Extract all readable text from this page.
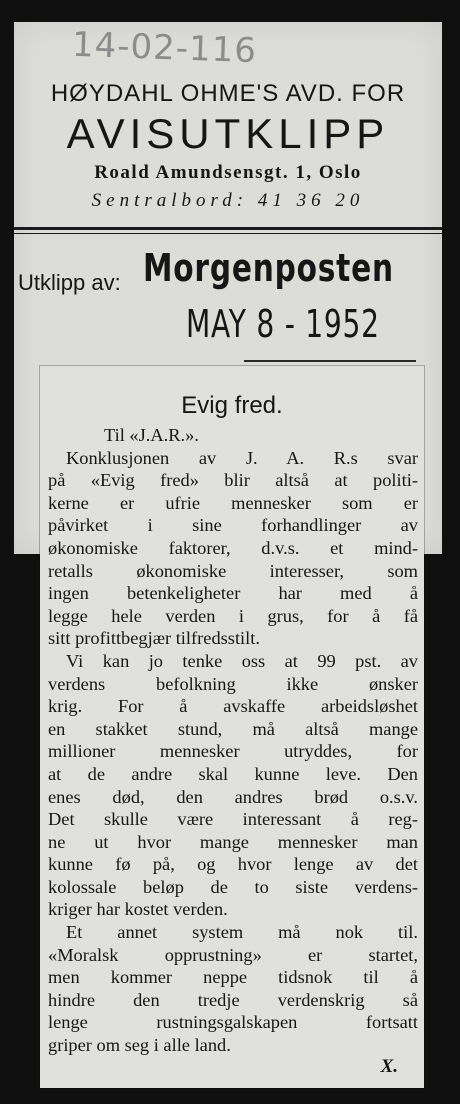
14-02-116
HØYDAHL OHME'S AVD. FOR
AVISUTKLIPP
Roald Amundsensgt. 1, Oslo
Sentralbord: 41 36 20
Utklipp av: Morgenposten
MAY 8 - 1952
Evig fred.
Til «J.A.R.».
Konklusjonen av J. A. R.s svar
på «Evig fred» blir altså at politi-
kerne er ufrie mennesker som er
påvirket i sine forhandlinger av
økonomiske faktorer, d.v.s. et mind-
retalls økonomiske interesser, som
ingen betenkeligheter har med å
legge hele verden i grus, for å få
sitt profittbegjær tilfredsstilt.
Vi kan jo tenke oss at 99 pst. av
verdens befolkning ikke ønsker
krig. For å avskaffe arbeidsløshet
en stakket stund, må altså mange
millioner mennesker utryddes, for
at de andre skal kunne leve. Den
enes død, den andres brød o.s.v.
Det skulle være interessant å reg-
ne ut hvor mange mennesker man
kunne fø på, og hvor lenge av det
kolossale beløp de to siste verdens-
kriger har kostet verden.
Et annet system må nok til.
«Moralsk opprustning» er startet,
men kommer neppe tidsnok til å
hindre den tredje verdenskrig så
lenge rustningsgalskapen fortsatt
griper om seg i alle land.
X.
